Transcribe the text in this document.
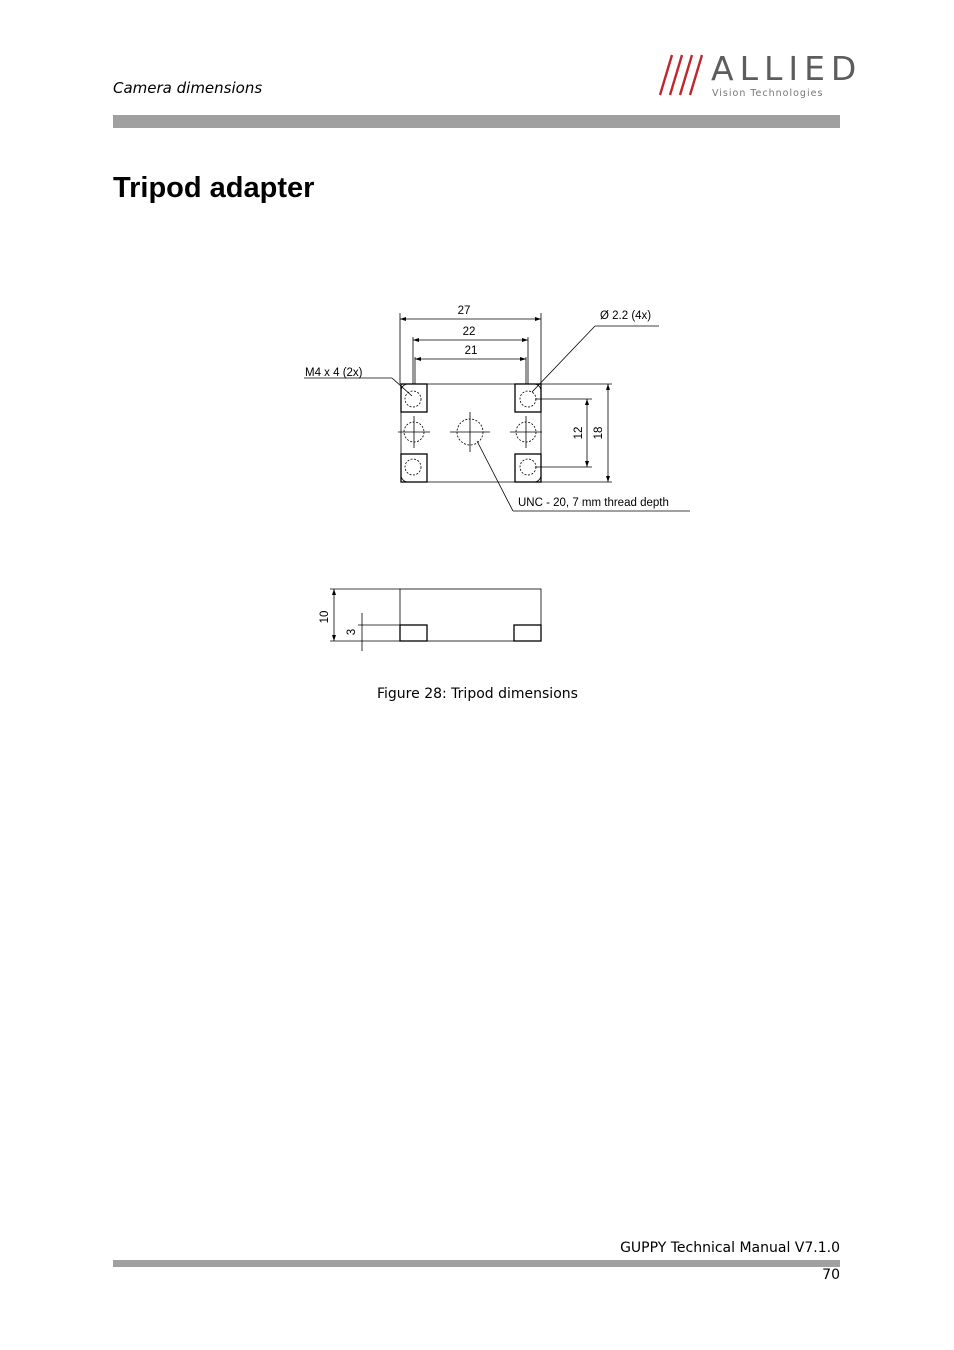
Camera dimensions	ALLIED
Vision Technologies
Tripod adapter
27
22
21
Ø 2.2 (4x)
M4 x 4 (2x)
UNC - 20, 7 mm thread depth
12 18
10
3
Figure 28: Tripod dimensions
GUPPY Technical Manual V7.1.0
70
